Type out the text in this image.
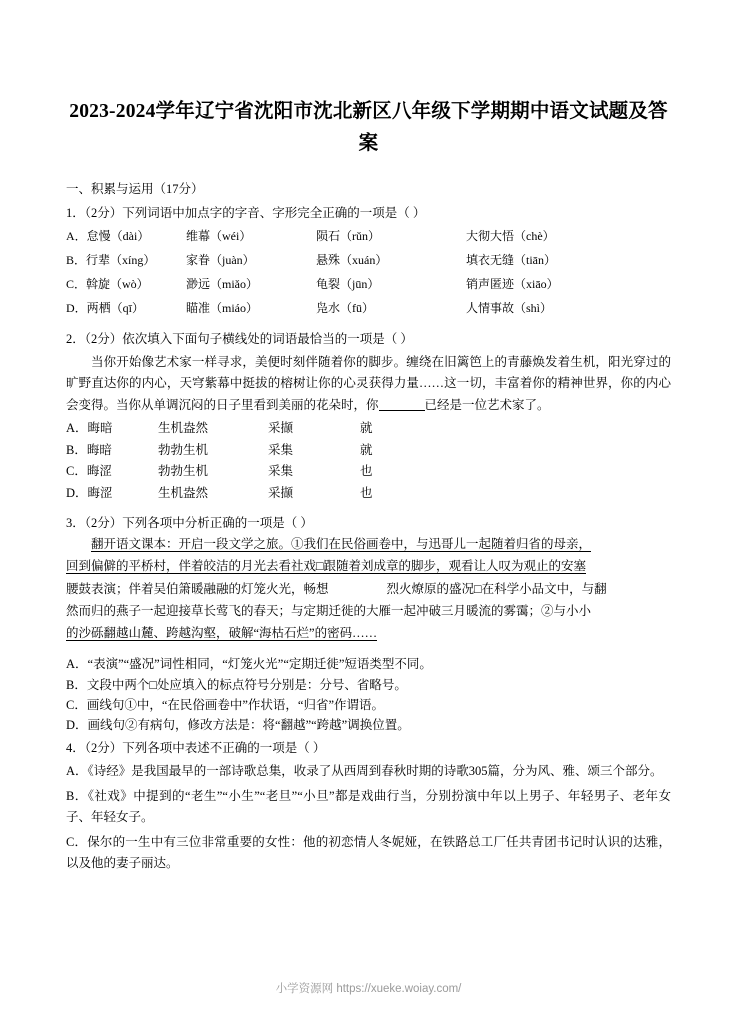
2023-2024学年辽宁省沈阳市沈北新区八年级下学期期中语文试题及答案
一、积累与运用（17分）
1．（2分）下列词语中加点字的字音、字形完全正确的一项是（ ）
A．怠慢（dài）	维幕（wéi）	陨石（rǔn）	大彻大悟（chè）
B．行辈（xíng）	家眷（juàn）	悬殊（xuán）	填衣无缝（tiān）
C．斡旋（wò）	渺远（miǎo）	龟裂（jūn）	销声匿迹（xiāo）
D．两栖（qī）	瞄准（miáo）	凫水（fū）	人情事故（shì）
2．（2分）依次填入下面句子横线处的词语最恰当的一项是（ ）
当你开始像艺术家一样寻求，美便时刻伴随着你的脚步。缠绕在旧篱笆上的青藤焕发着生机，阳光穿过的旷野直达你的内心，天穹紫幕中挺拔的榕树让你的心灵获得力量……这一切，丰富着你的精神世界，你的内心会变得。当你从单调沉闷的日子里看到美丽的花朵时，你	已经是一位艺术家了。
A．晦暗	生机盎然	采撷	就
B．晦暗	勃勃生机	采集	就
C．晦涩	勃勃生机	采集	也
D．晦涩	生机盎然	采撷	也
3．（2分）下列各项中分析正确的一项是（ ）
翻开语文课本：开启一段文学之旅。①我们在民俗画卷中，与迅哥儿一起随着归省的母亲，
回到偏僻的平桥村，伴着皎洁的月光去看社戏□跟随着刘成章的脚步，观看让人叹为观止的安塞
腰鼓表演；伴着吴伯箫暖融融的灯笼火光，畅想	烈火燎原的盛况□在科学小品文中，与翻
然而归的燕子一起迎接草长莺飞的春天；与定期迁徙的大雁一起冲破三月暖流的雾霭；②与小小
的沙砾翻越山麓、跨越沟壑，破解“海枯石烂”的密码……
A．“表演”“盛况”词性相同，“灯笼火光”“定期迁徙”短语类型不同。
B．文段中两个□处应填入的标点符号分别是：分号、省略号。
C．画线句①中，“在民俗画卷中”作状语，“归省”作谓语。
D．画线句②有病句，修改方法是：将“翻越”“跨越”调换位置。
4．（2分）下列各项中表述不正确的一项是（ ）
A．《诗经》是我国最早的一部诗歌总集，收录了从西周到春秋时期的诗歌305篇，分为风、雅、颂三个部分。
B．《社戏》中提到的“老生”“小生”“老旦”“小旦”都是戏曲行当，分别扮演中年以上男子、年轻男子、老年女子、年轻女子。
C．保尔的一生中有三位非常重要的女性：他的初恋情人冬妮娅，在铁路总工厂任共青团书记时认识的达雅，以及他的妻子丽达。
小学资源网 https://xueke.woiay.com/
